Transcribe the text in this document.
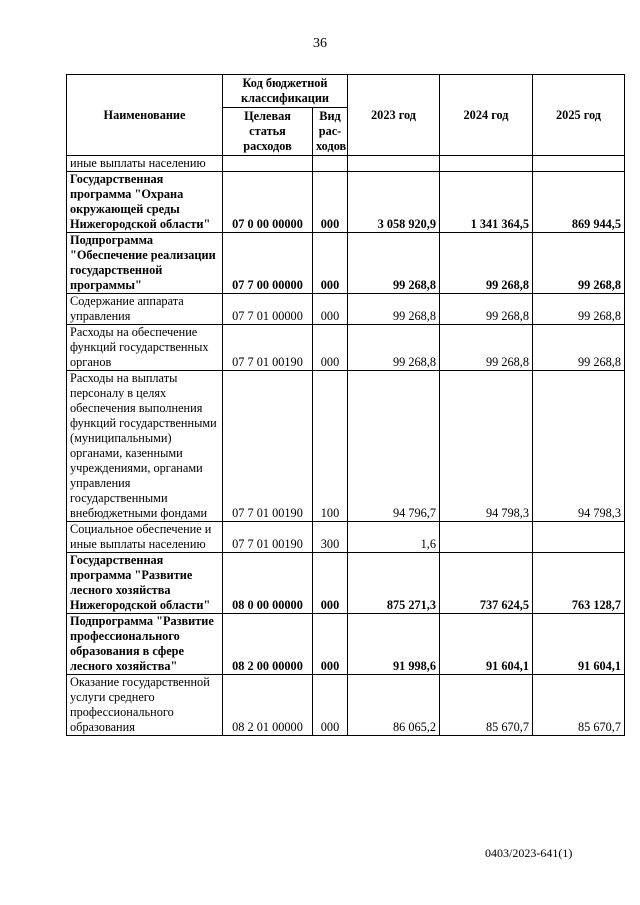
36
Наименование	Код бюджетной классификации		2023 год	2024 год	2025 год
	Целевая статья расходов	Вид рас-ходов			
иные выплаты населению					
Государственная программа "Охрана окружающей среды Нижегородской области"	07 0 00 00000	000	3 058 920,9	1 341 364,5	869 944,5
Подпрограмма "Обеспечение реализации государственной программы"	07 7 00 00000	000	99 268,8	99 268,8	99 268,8
Содержание аппарата управления	07 7 01 00000	000	99 268,8	99 268,8	99 268,8
Расходы на обеспечение функций государственных органов	07 7 01 00190	000	99 268,8	99 268,8	99 268,8
Расходы на выплаты персоналу в целях обеспечения выполнения функций государственными (муниципальными) органами, казенными учреждениями, органами управления государственными внебюджетными фондами	07 7 01 00190	100	94 796,7	94 798,3	94 798,3
Социальное обеспечение и иные выплаты населению	07 7 01 00190	300	1,6		
Государственная программа "Развитие лесного хозяйства Нижегородской области"	08 0 00 00000	000	875 271,3	737 624,5	763 128,7
Подпрограмма "Развитие профессионального образования в сфере лесного хозяйства"	08 2 00 00000	000	91 998,6	91 604,1	91 604,1
Оказание государственной услуги среднего профессионального образования	08 2 01 00000	000	86 065,2	85 670,7	85 670,7
0403/2023-641(1)
